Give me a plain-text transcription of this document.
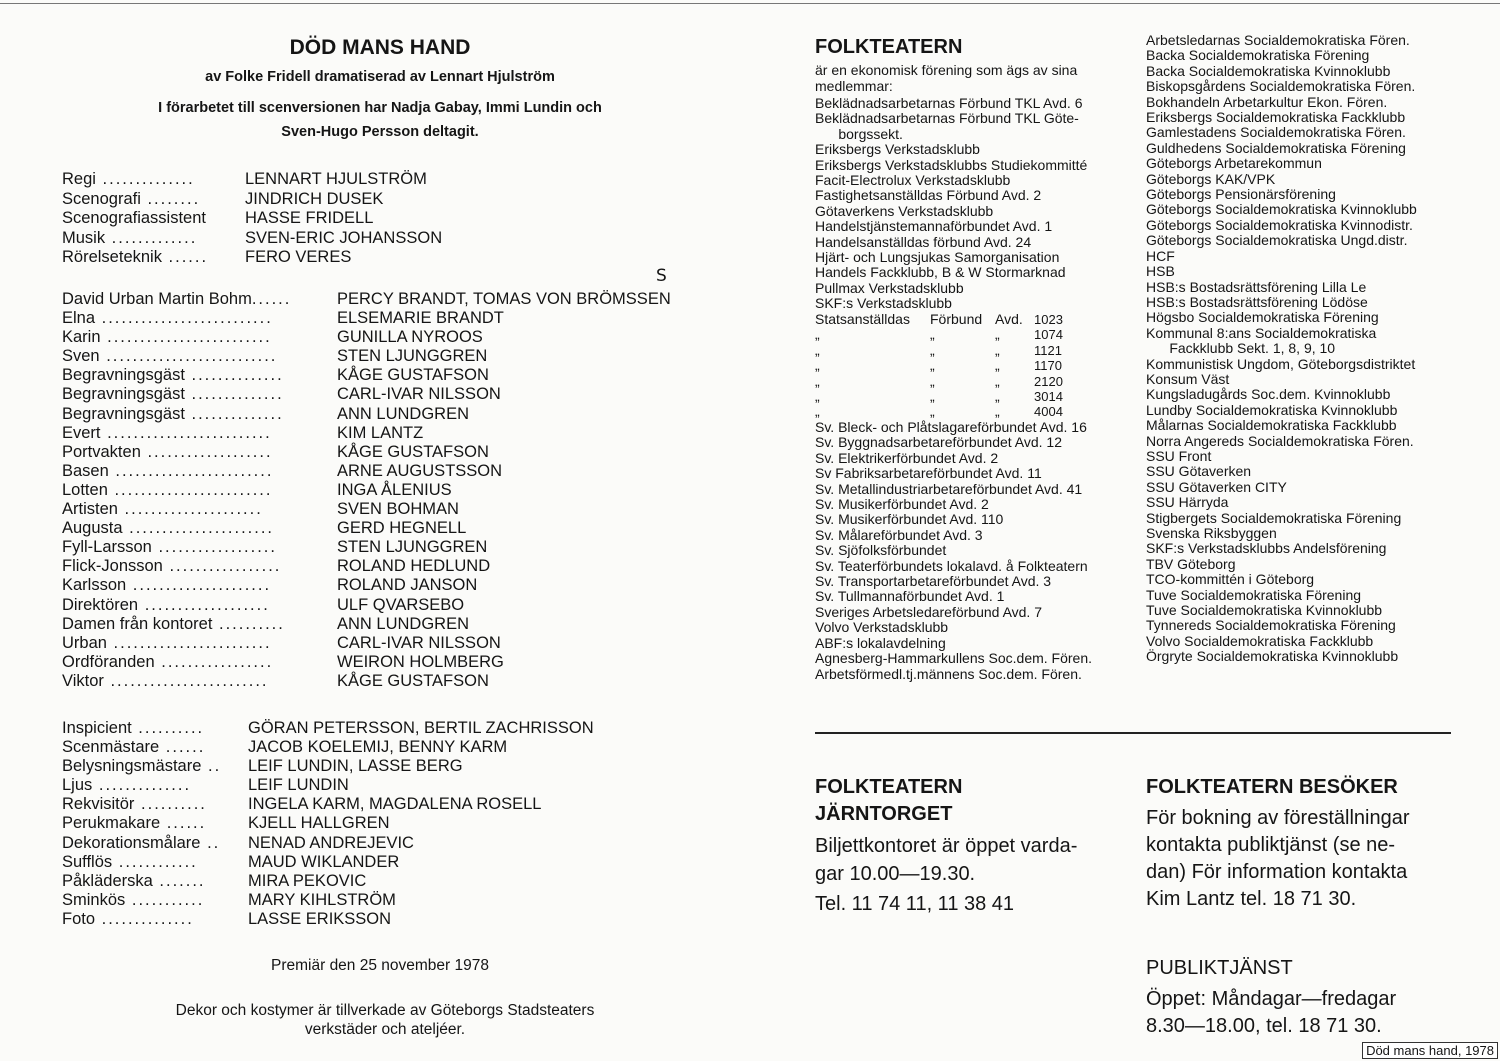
DÖD MANS HAND
av Folke Fridell dramatiserad av Lennart Hjulström
I förarbetet till scenversionen har Nadja Gabay, Immi Lundin och
Sven-Hugo Persson deltagit.
Regi ..............	LENNART HJULSTRÖM
Scenografi ........	JINDRICH DUSEK
Scenografiassistent HASSE FRIDELL
Musik .............	SVEN-ERIC JOHANSSON
Rörelseteknik ...... FERO VERES
David Urban Martin Bohm......	PERCY BRANDT, TOMAS VON BRÖMSSEN
Elna ..........................	ELSEMARIE BRANDT
Karin .........................	GUNILLA NYROOS
Sven ..........................	STEN LJUNGGREN
Begravningsgäst ..............	KÅGE GUSTAFSON
Begravningsgäst ..............	CARL-IVAR NILSSON
Begravningsgäst ..............	ANN LUNDGREN
Evert .........................	KIM LANTZ
Portvakten ...................	KÅGE GUSTAFSON
Basen ........................	ARNE AUGUSTSSON
Lotten ........................	INGA ÅLENIUS
Artisten .....................	SVEN BOHMAN
Augusta ......................	GERD HEGNELL
Fyll-Larsson ..................	STEN LJUNGGREN
Flick-Jonsson .................	ROLAND HEDLUND
Karlsson .....................	ROLAND JANSON
Direktören ...................	ULF QVARSEBO
Damen från kontoret ..........	ANN LUNDGREN
Urban ........................	CARL-IVAR NILSSON
Ordföranden .................	WEIRON HOLMBERG
Viktor ........................	KÅGE GUSTAFSON
Inspicient ..........	GÖRAN PETERSSON, BERTIL ZACHRISSON
Scenmästare ......	JACOB KOELEMIJ, BENNY KARM
Belysningsmästare .. LEIF LUNDIN, LASSE BERG
Ljus ..............	LEIF LUNDIN
Rekvisitör .......... INGELA KARM, MAGDALENA ROSELL
Perukmakare ......	KJELL HALLGREN
Dekorationsmålare .. NENAD ANDREJEVIC
Sufflös ............	MAUD WIKLANDER
Påkläderska .......	MIRA PEKOVIC
Sminkös ...........	MARY KIHLSTRÖM
Foto ..............	LASSE ERIKSSON
S
Premiär den 25 november 1978
Dekor och kostymer är tillverkade av Göteborgs Stadsteaters
verkstäder och ateljéer.
FOLKTEATERN
är en ekonomisk förening som ägs av sina
medlemmar:
Beklädnadsarbetarnas Förbund TKL Avd. 6
Beklädnadsarbetarnas Förbund TKL Göte-
borgssekt.
Eriksbergs Verkstadsklubb
Eriksbergs Verkstadsklubbs Studiekommitté
Facit-Electrolux Verkstadsklubb
Fastighetsanställdas Förbund Avd. 2
Götaverkens Verkstadsklubb
Handelstjänstemannaförbundet Avd. 1
Handelsanställdas förbund Avd. 24
Hjärt- och Lungsjukas Samorganisation
Handels Fackklubb, B & W Stormarknad
Pullmax Verkstadsklubb
SKF:s Verkstadsklubb
Statsanställdas Förbund Avd. 1023
„	„	„	1074
„	„	„	1121
„	„	„	1170
„	„	„	2120
„	„	„	3014
„	„	„	4004
Sv. Bleck- och Plåtslagareförbundet Avd. 16
Sv. Byggnadsarbetareförbundet Avd. 12
Sv. Elektrikerförbundet Avd. 2
Sv Fabriksarbetareförbundet Avd. 11
Sv. Metallindustriarbetareförbundet Avd. 41
Sv. Musikerförbundet Avd. 2
Sv. Musikerförbundet Avd. 110
Sv. Målareförbundet Avd. 3
Sv. Sjöfolksförbundet
Sv. Teaterförbundets lokalavd. å Folkteatern
Sv. Transportarbetareförbundet Avd. 3
Sv. Tullmannaförbundet Avd. 1
Sveriges Arbetsledareförbund Avd. 7
Volvo Verkstadsklubb
ABF:s lokalavdelning
Agnesberg-Hammarkullens Soc.dem. Fören.
Arbetsförmedl.tj.männens Soc.dem. Fören.
Arbetsledarnas Socialdemokratiska Fören.
Backa Socialdemokratiska Förening
Backa Socialdemokratiska Kvinnoklubb
Biskopsgårdens Socialdemokratiska Fören.
Bokhandeln Arbetarkultur Ekon. Fören.
Eriksbergs Socialdemokratiska Fackklubb
Gamlestadens Socialdemokratiska Fören.
Guldhedens Socialdemokratiska Förening
Göteborgs Arbetarekommun
Göteborgs KAK/VPK
Göteborgs Pensionärsförening
Göteborgs Socialdemokratiska Kvinnoklubb
Göteborgs Socialdemokratiska Kvinnodistr.
Göteborgs Socialdemokratiska Ungd.distr.
HCF
HSB
HSB:s Bostadsrättsförening Lilla Le
HSB:s Bostadsrättsförening Lödöse
Högsbo Socialdemokratiska Förening
Kommunal 8:ans Socialdemokratiska
Fackklubb Sekt. 1, 8, 9, 10
Kommunistisk Ungdom, Göteborgsdistriktet
Konsum Väst
Kungsladugårds Soc.dem. Kvinnoklubb
Lundby Socialdemokratiska Kvinnoklubb
Målarnas Socialdemokratiska Fackklubb
Norra Angereds Socialdemokratiska Fören.
SSU Front
SSU Götaverken
SSU Götaverken CITY
SSU Härryda
Stigbergets Socialdemokratiska Förening
Svenska Riksbyggen
SKF:s Verkstadsklubbs Andelsförening
TBV Göteborg
TCO-kommittén i Göteborg
Tuve Socialdemokratiska Förening
Tuve Socialdemokratiska Kvinnoklubb
Tynnereds Socialdemokratiska Förening
Volvo Socialdemokratiska Fackklubb
Örgryte Socialdemokratiska Kvinnoklubb
FOLKTEATERN
JÄRNTORGET
Biljettkontoret är öppet varda-
gar 10.00—19.30.
Tel. 11 74 11, 11 38 41
FOLKTEATERN BESÖKER
För bokning av föreställningar
kontakta publiktjänst (se ne-
dan) För information kontakta
Kim Lantz tel. 18 71 30.
PUBLIKTJÄNST
Öppet: Måndagar—fredagar
8.30—18.00, tel. 18 71 30.
Död mans hand, 1978
